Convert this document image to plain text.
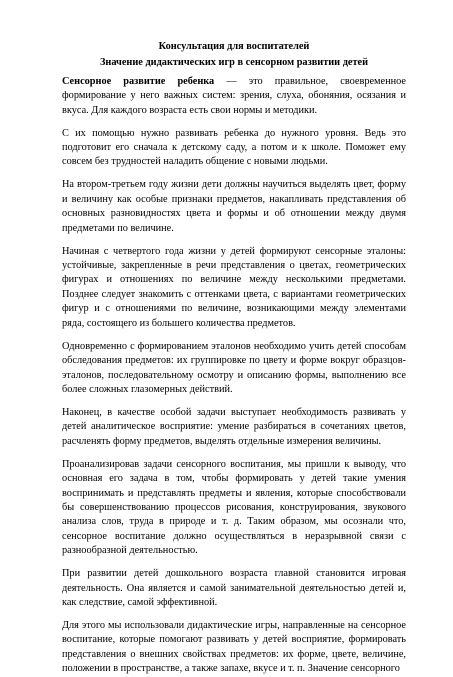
Консультация для воспитателей

Значение дидактических игр в сенсорном развитии детей

Сенсорное развитие ребенка — это правильное, своевременное формирование у него важных систем: зрения, слуха, обоняния, осязания и вкуса. Для каждого возраста есть свои нормы и методики.

С их помощью нужно развивать ребенка до нужного уровня. Ведь это подготовит его сначала к детскому саду, а потом и к школе. Поможет ему совсем без трудностей наладить общение с новыми людьми.

На втором-третьем году жизни дети должны научиться выделять цвет, форму и величину как особые признаки предметов, накапливать представления об основных разновидностях цвета и формы и об отношении между двумя предметами по величине.

Начиная с четвертого года жизни у детей формируют сенсорные эталоны: устойчивые, закрепленные в речи представления о цветах, геометрических фигурах и отношениях по величине между несколькими предметами. Позднее следует знакомить с оттенками цвета, с вариантами геометрических фигур и с отношениями по величине, возникающими между элементами ряда, состоящего из большего количества предметов.

Одновременно с формированием эталонов необходимо учить детей способам обследования предметов: их группировке по цвету и форме вокруг образцов-эталонов, последовательному осмотру и описанию формы, выполнению все более сложных глазомерных действий.

Наконец, в качестве особой задачи выступает необходимость развивать у детей аналитическое восприятие: умение разбираться в сочетаниях цветов, расчленять форму предметов, выделять отдельные измерения величины.

Проанализировав задачи сенсорного воспитания, мы пришли к выводу, что основная его задача в том, чтобы формировать у детей такие умения воспринимать и представлять предметы и явления, которые способствовали бы совершенствованию процессов рисования, конструирования, звукового анализа слов, труда в природе и т. д. Таким образом, мы осознали что, сенсорное воспитание должно осуществляться в неразрывной связи с разнообразной деятельностью.

При развитии детей дошкольного возраста главной становится игровая деятельность. Она является и самой занимательной деятельностью детей и, как следствие, самой эффективной.

Для этого мы использовали дидактические игры, направленные на сенсорное воспитание, которые помогают развивать у детей восприятие, формировать представления о внешних свойствах предметов: их форме, цвете, величине, положении в пространстве, а также запахе, вкусе и т. п. Значение сенсорного
